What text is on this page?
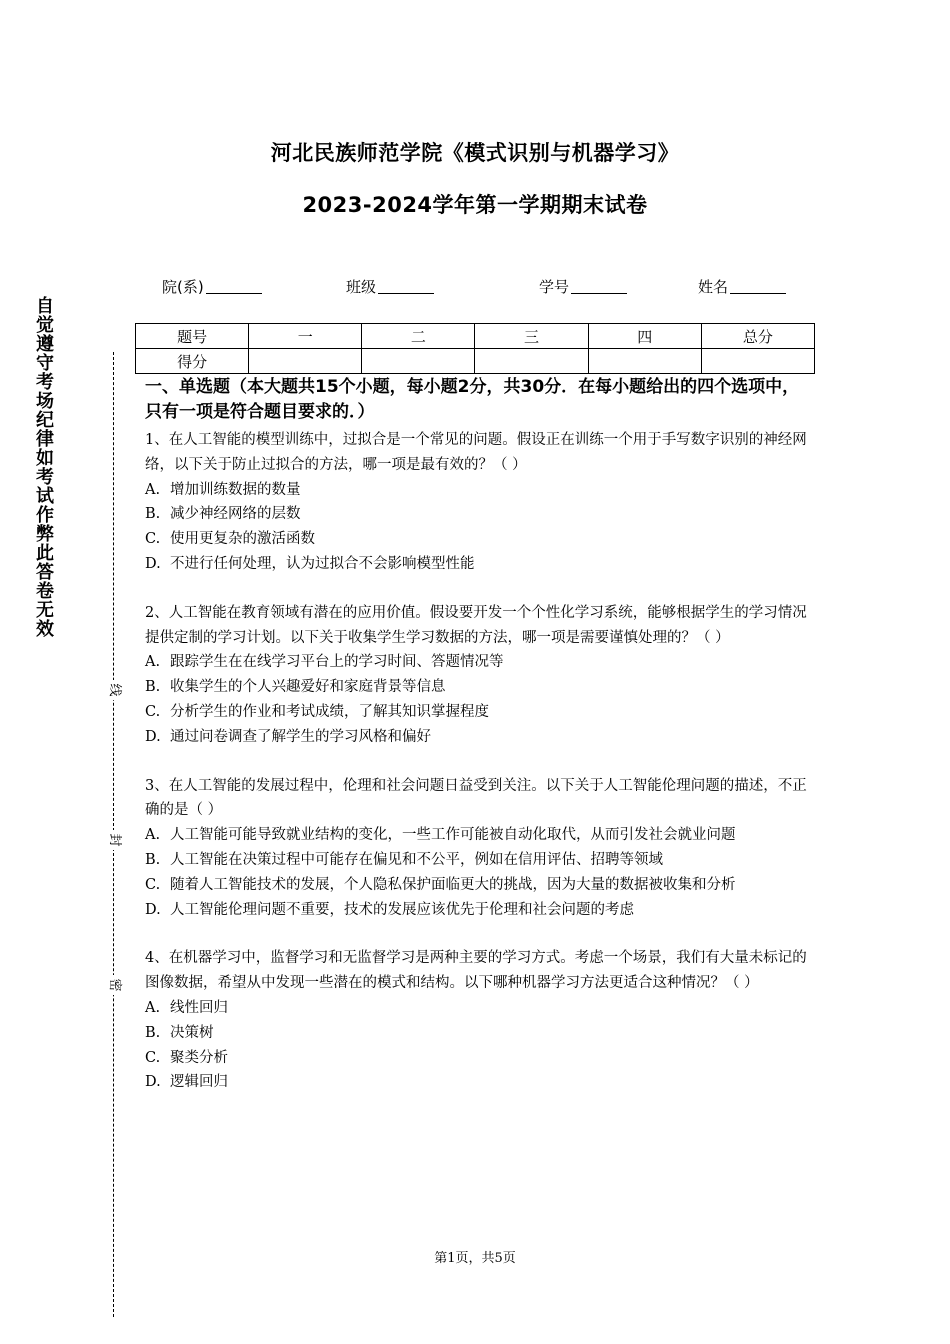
河北民族师范学院《模式识别与机器学习》
2023-2024学年第一学期期末试卷
院(系)	班级	学号	姓名
题号	一	二	三	四	总分
得分					
自觉遵守考场纪律如考试作弊此答卷无效
线
封
密

一、单选题（本大题共15个小题，每小题2分，共30分．在每小题给出的四个选项中，只有一项是符合题目要求的．）

1、在人工智能的模型训练中，过拟合是一个常见的问题。假设正在训练一个用于手写数字识别的神经网络，以下关于防止过拟合的方法，哪一项是最有效的？（ ）

A. 增加训练数据的数量

B. 减少神经网络的层数

C. 使用更复杂的激活函数

D. 不进行任何处理，认为过拟合不会影响模型性能

2、人工智能在教育领域有潜在的应用价值。假设要开发一个个性化学习系统，能够根据学生的学习情况提供定制的学习计划。以下关于收集学生学习数据的方法，哪一项是需要谨慎处理的？（ ）

A. 跟踪学生在在线学习平台上的学习时间、答题情况等

B. 收集学生的个人兴趣爱好和家庭背景等信息

C. 分析学生的作业和考试成绩，了解其知识掌握程度

D. 通过问卷调查了解学生的学习风格和偏好

3、在人工智能的发展过程中，伦理和社会问题日益受到关注。以下关于人工智能伦理问题的描述，不正确的是（ ）

A. 人工智能可能导致就业结构的变化，一些工作可能被自动化取代，从而引发社会就业问题

B. 人工智能在决策过程中可能存在偏见和不公平，例如在信用评估、招聘等领域

C. 随着人工智能技术的发展，个人隐私保护面临更大的挑战，因为大量的数据被收集和分析

D. 人工智能伦理问题不重要，技术的发展应该优先于伦理和社会问题的考虑

4、在机器学习中，监督学习和无监督学习是两种主要的学习方式。考虑一个场景，我们有大量未标记的图像数据，希望从中发现一些潜在的模式和结构。以下哪种机器学习方法更适合这种情况？（ ）

A. 线性回归

B. 决策树

C. 聚类分析

D. 逻辑回归

第1页，共5页
